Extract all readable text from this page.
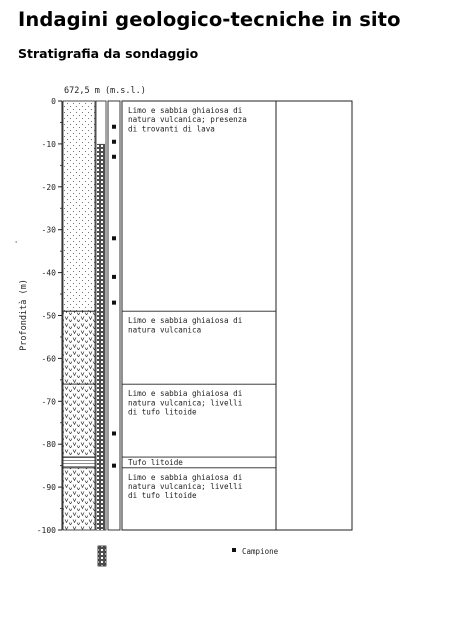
Indagini geologico-tecniche in sito
Stratigrafia da sondaggio
672,5 m (m.s.l.)
0
-10
-20
-30
-40
-50
-60
-70
-80
-90
-100
Profondità (m)
'
Limo e sabbia ghiaiosa di natura vulcanica; presenza di trovanti di lava
Limo e sabbia ghiaiosa di natura vulcanica
Limo e sabbia ghiaiosa di natura vulcanica; livelli di tufo litoide
Tufo litoide
Limo e sabbia ghiaiosa di natura vulcanica; livelli di tufo litoide
Campione
